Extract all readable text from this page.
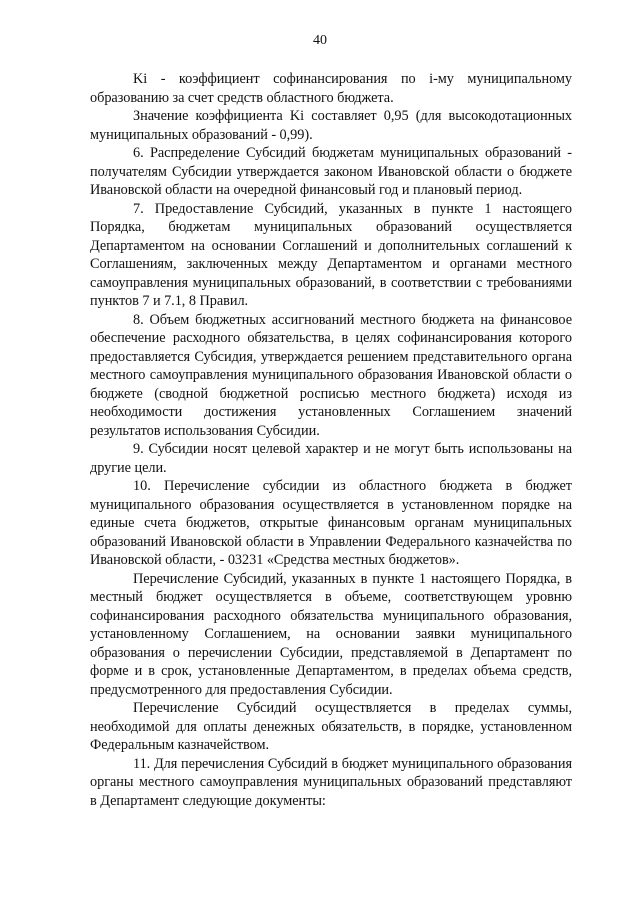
40

Ki - коэффициент софинансирования по i-му муниципальному образованию за счет средств областного бюджета.

Значение коэффициента Ki составляет 0,95 (для высокодотационных муниципальных образований - 0,99).

6. Распределение Субсидий бюджетам муниципальных образований - получателям Субсидии утверждается законом Ивановской области о бюджете Ивановской области на очередной финансовый год и плановый период.

7. Предоставление Субсидий, указанных в пункте 1 настоящего Порядка, бюджетам муниципальных образований осуществляется Департаментом на основании Соглашений и дополнительных соглашений к Соглашениям, заключенных между Департаментом и органами местного самоуправления муниципальных образований, в соответствии с требованиями пунктов 7 и 7.1, 8 Правил.

8. Объем бюджетных ассигнований местного бюджета на финансовое обеспечение расходного обязательства, в целях софинансирования которого предоставляется Субсидия, утверждается решением представительного органа местного самоуправления муниципального образования Ивановской области о бюджете (сводной бюджетной росписью местного бюджета) исходя из необходимости достижения установленных Соглашением значений результатов использования Субсидии.

9. Субсидии носят целевой характер и не могут быть использованы на другие цели.

10. Перечисление субсидии из областного бюджета в бюджет муниципального образования осуществляется в установленном порядке на единые счета бюджетов, открытые финансовым органам муниципальных образований Ивановской области в Управлении Федерального казначейства по Ивановской области, - 03231 «Средства местных бюджетов».

Перечисление Субсидий, указанных в пункте 1 настоящего Порядка, в местный бюджет осуществляется в объеме, соответствующем уровню софинансирования расходного обязательства муниципального образования, установленному Соглашением, на основании заявки муниципального образования о перечислении Субсидии, представляемой в Департамент по форме и в срок, установленные Департаментом, в пределах объема средств, предусмотренного для предоставления Субсидии.

Перечисление Субсидий осуществляется в пределах суммы, необходимой для оплаты денежных обязательств, в порядке, установленном Федеральным казначейством.

11. Для перечисления Субсидий в бюджет муниципального образования органы местного самоуправления муниципальных образований представляют в Департамент следующие документы:
